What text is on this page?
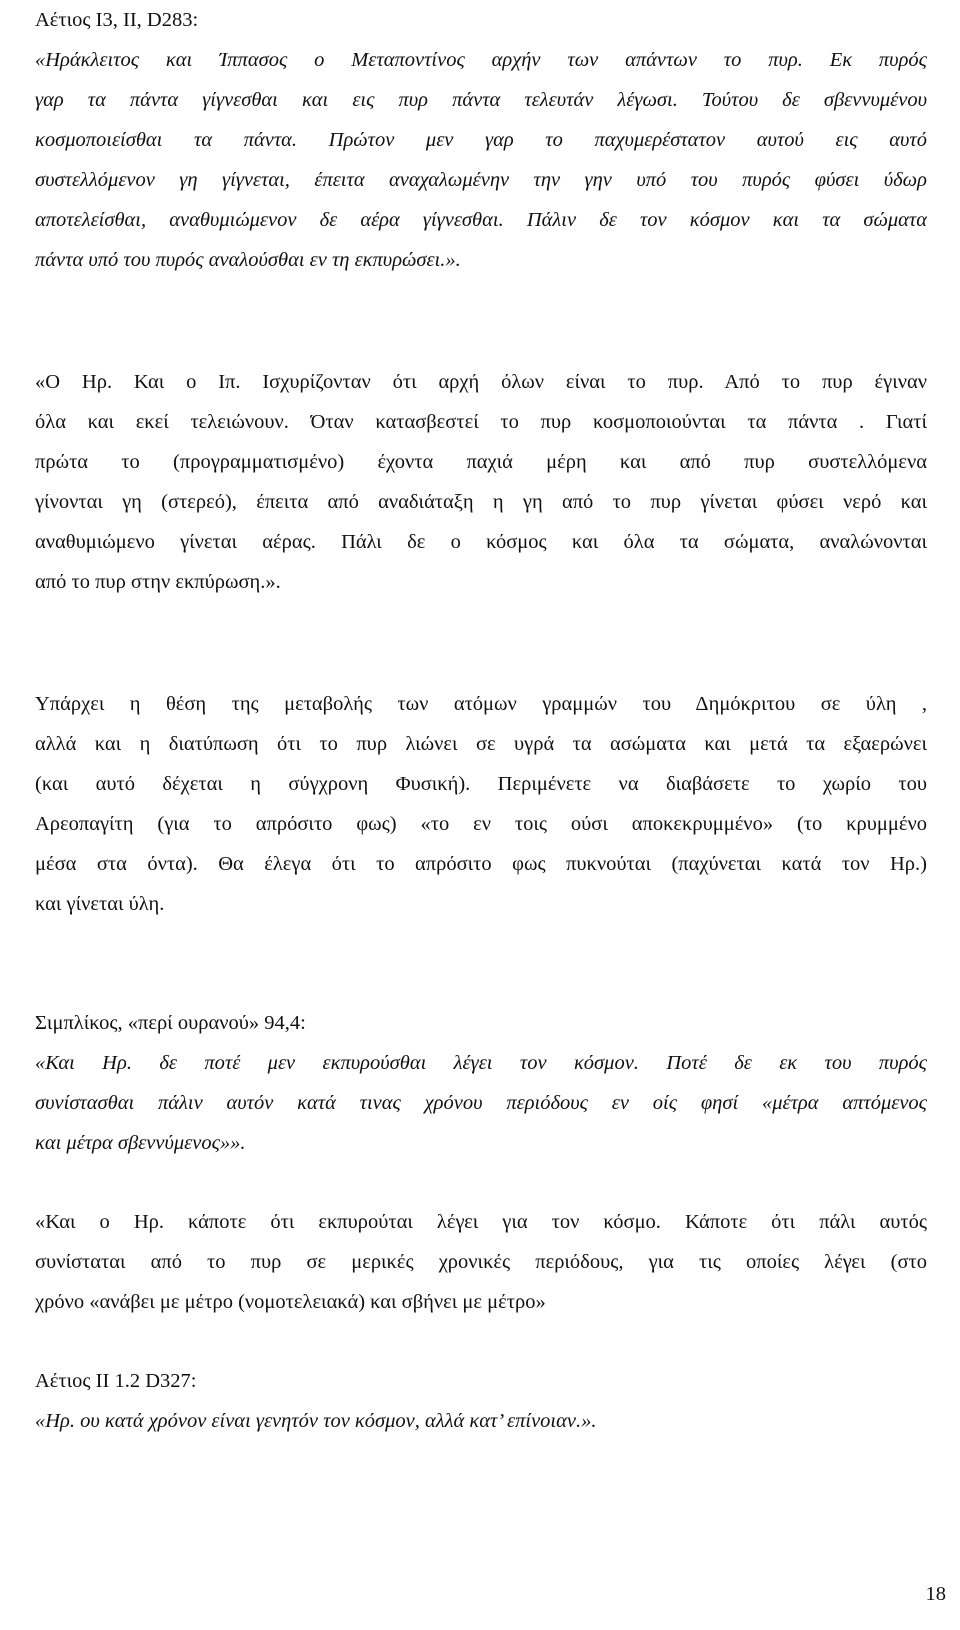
Αέτιος Ι3, ΙΙ, D283:
«Ηράκλειτος και Ίππασος ο Μεταποντίνος αρχήν των απάντων το πυρ. Εκ πυρός
γαρ τα πάντα γίγνεσθαι και εις πυρ πάντα τελευτάν λέγωσι. Τούτου δε σβεννυμένου
κοσμοποιείσθαι τα πάντα. Πρώτον μεν γαρ το παχυμερέστατον αυτού εις αυτό
συστελλόμενον γη γίγνεται, έπειτα αναχαλωμένην την γην υπό του πυρός φύσει ύδωρ
αποτελείσθαι, αναθυμιώμενον δε αέρα γίγνεσθαι. Πάλιν δε τον κόσμον και τα σώματα
πάντα υπό του πυρός αναλούσθαι εν τη εκπυρώσει.».
«Ο Ηρ. Και ο Ιπ. Ισχυρίζονταν ότι αρχή όλων είναι το πυρ. Από το πυρ έγιναν
όλα και εκεί τελειώνουν. Όταν κατασβεστεί το πυρ κοσμοποιούνται τα πάντα . Γιατί
πρώτα το (προγραμματισμένο) έχοντα παχιά μέρη και από πυρ συστελλόμενα
γίνονται γη (στερεό), έπειτα από αναδιάταξη η γη από το πυρ γίνεται φύσει νερό και
αναθυμιώμενο γίνεται αέρας. Πάλι δε ο κόσμος και όλα τα σώματα, αναλώνονται
από το πυρ στην εκπύρωση.».
Υπάρχει η θέση της μεταβολής των ατόμων γραμμών του Δημόκριτου σε ύλη ,
αλλά και η διατύπωση ότι το πυρ λιώνει σε υγρά τα ασώματα και μετά τα εξαερώνει
(και αυτό δέχεται η σύγχρονη Φυσική). Περιμένετε να διαβάσετε το χωρίο του
Αρεοπαγίτη (για το απρόσιτο φως) «το εν τοις ούσι αποκεκρυμμένο» (το κρυμμένο
μέσα στα όντα). Θα έλεγα ότι το απρόσιτο φως πυκνούται (παχύνεται κατά τον Ηρ.)
και γίνεται ύλη.
Σιμπλίκος, «περί ουρανού» 94,4:
«Και Ηρ. δε ποτέ μεν εκπυρούσθαι λέγει τον κόσμον. Ποτέ δε εκ του πυρός
συνίστασθαι πάλιν αυτόν κατά τινας χρόνου περιόδους εν οίς φησί «μέτρα απτόμενος
και μέτρα σβεννύμενος»».
«Και ο Ηρ. κάποτε ότι εκπυρούται λέγει για τον κόσμο. Κάποτε ότι πάλι αυτός
συνίσταται από το πυρ σε μερικές χρονικές περιόδους, για τις οποίες λέγει (στο
χρόνο «ανάβει με μέτρο (νομοτελειακά) και σβήνει με μέτρο»
Αέτιος ΙΙ 1.2 D327:
«Ηρ. ου κατά χρόνον είναι γενητόν τον κόσμον, αλλά κατ’ επίνοιαν.».
18
